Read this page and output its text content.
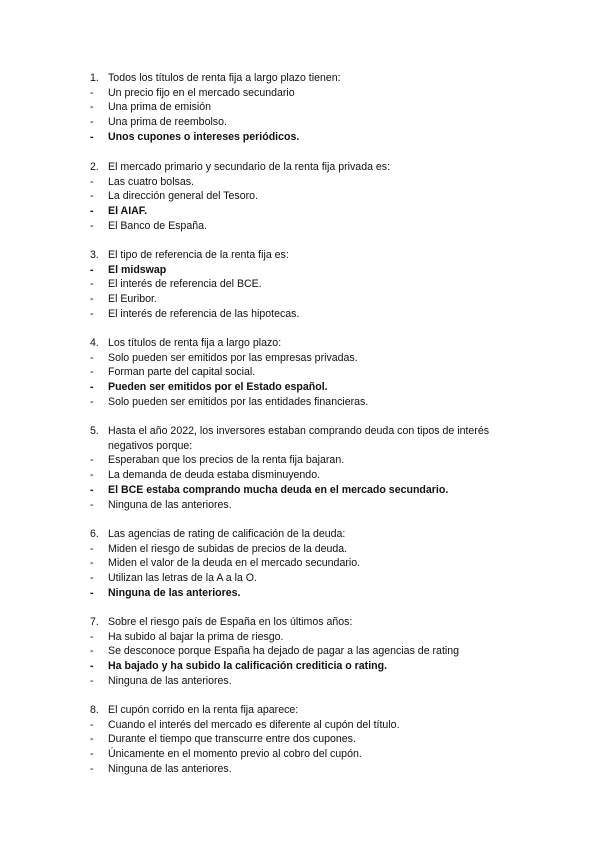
1. Todos los títulos de renta fija a largo plazo tienen:
-	Un precio fijo en el mercado secundario
-	Una prima de emisión
-	Una prima de reembolso.
-	Unos cupones o intereses periódicos.
2. El mercado primario y secundario de la renta fija privada es:
-	Las cuatro bolsas.
-	La dirección general del Tesoro.
-	El AIAF.
-	El Banco de España.
3. El tipo de referencia de la renta fija es:
-	El midswap
-	El interés de referencia del BCE.
-	El Euribor.
-	El interés de referencia de las hipotecas.
4. Los títulos de renta fija a largo plazo:
-	Solo pueden ser emitidos por las empresas privadas.
-	Forman parte del capital social.
-	Pueden ser emitidos por el Estado español.
-	Solo pueden ser emitidos por las entidades financieras.
5. Hasta el año 2022, los inversores estaban comprando deuda con tipos de interés
negativos porque:
-	Esperaban que los precios de la renta fija bajaran.
-	La demanda de deuda estaba disminuyendo.
-	El BCE estaba comprando mucha deuda en el mercado secundario.
-	Ninguna de las anteriores.
6. Las agencias de rating de calificación de la deuda:
-	Miden el riesgo de subidas de precios de la deuda.
-	Miden el valor de la deuda en el mercado secundario.
-	Utilizan las letras de la A a la O.
-	Ninguna de las anteriores.
7. Sobre el riesgo país de España en los últimos años:
-	Ha subido al bajar la prima de riesgo.
-	Se desconoce porque España ha dejado de pagar a las agencias de rating
-	Ha bajado y ha subido la calificación crediticia o rating.
-	Ninguna de las anteriores.
8. El cupón corrido en la renta fija aparece:
-	Cuando el interés del mercado es diferente al cupón del título.
-	Durante el tiempo que transcurre entre dos cupones.
-	Únicamente en el momento previo al cobro del cupón.
-	Ninguna de las anteriores.
